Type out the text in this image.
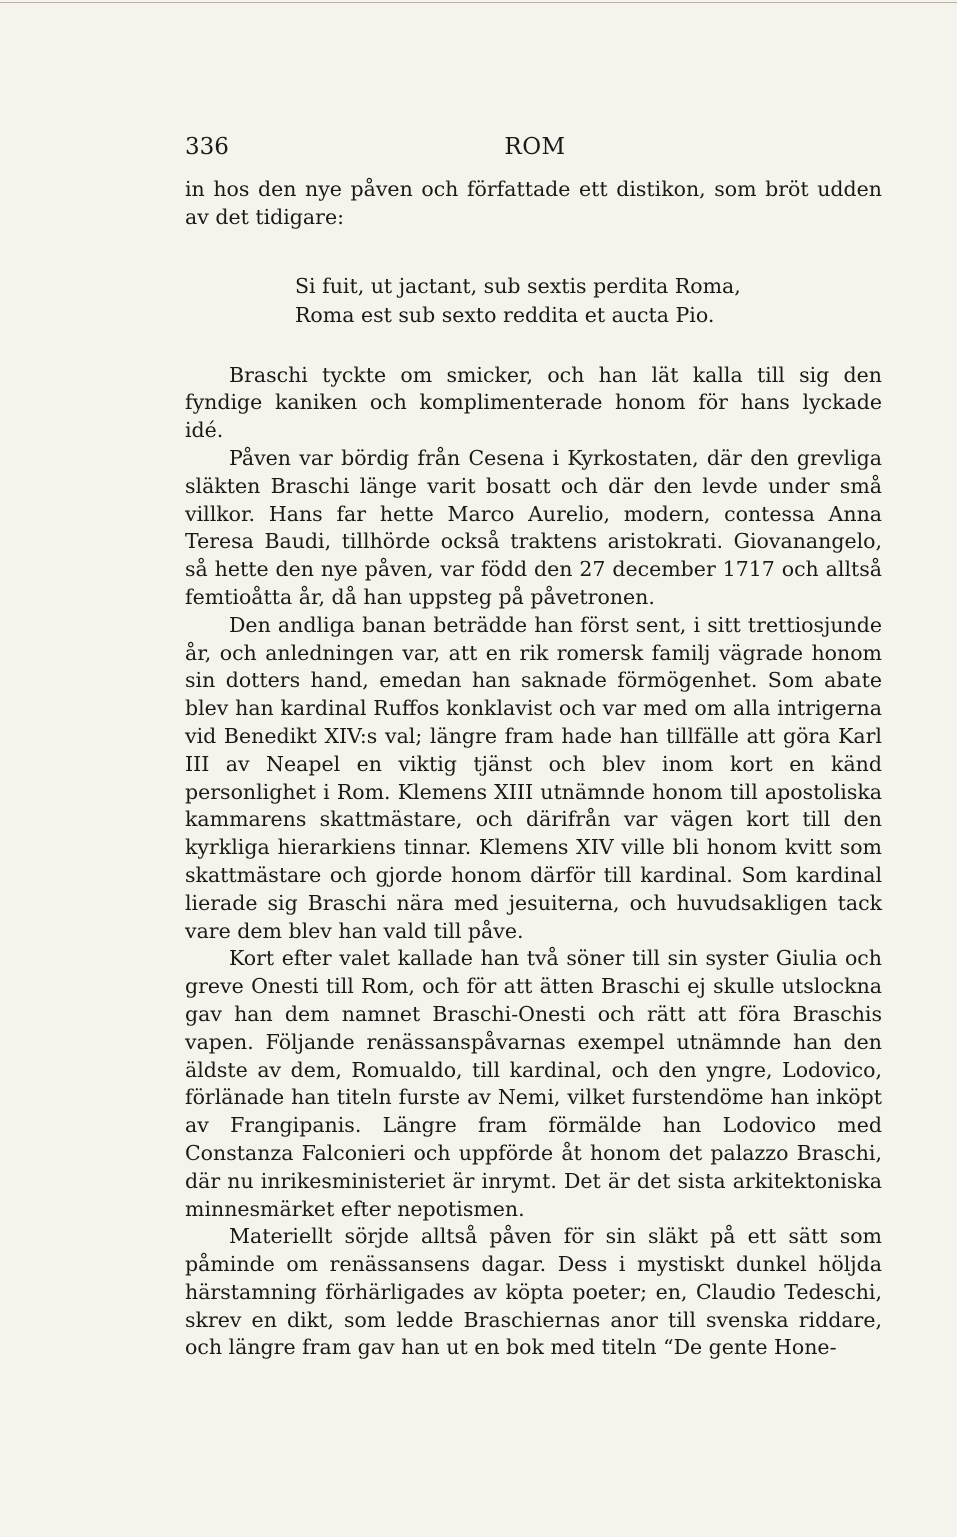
336	ROM

in hos den nye påven och författade ett distikon, som bröt udden av det tidigare:

Si fuit, ut jactant, sub sextis perdita Roma,
Roma est sub sexto reddita et aucta Pio.

Braschi tyckte om smicker, och han lät kalla till sig den fyndige kaniken och komplimenterade honom för hans lyckade idé.

Påven var bördig från Cesena i Kyrkostaten, där den grevliga släkten Braschi länge varit bosatt och där den levde under små villkor. Hans far hette Marco Aurelio, modern, contessa Anna Teresa Baudi, tillhörde också traktens aristokrati. Giovanangelo, så hette den nye påven, var född den 27 december 1717 och alltså femtioåtta år, då han uppsteg på påvetronen.

Den andliga banan beträdde han först sent, i sitt trettiosjunde år, och anledningen var, att en rik romersk familj vägrade honom sin dotters hand, emedan han saknade förmögenhet. Som abate blev han kardinal Ruffos konklavist och var med om alla intrigerna vid Benedikt XIV:s val; längre fram hade han tillfälle att göra Karl III av Neapel en viktig tjänst och blev inom kort en känd personlighet i Rom. Klemens XIII utnämnde honom till apostoliska kammarens skattmästare, och därifrån var vägen kort till den kyrkliga hierarkiens tinnar. Klemens XIV ville bli honom kvitt som skattmästare och gjorde honom därför till kardinal. Som kardinal lierade sig Braschi nära med jesuiterna, och huvudsakligen tack vare dem blev han vald till påve.

Kort efter valet kallade han två söner till sin syster Giulia och greve Onesti till Rom, och för att ätten Braschi ej skulle utslockna gav han dem namnet Braschi-Onesti och rätt att föra Braschis vapen. Följande renässanspåvarnas exempel utnämnde han den äldste av dem, Romualdo, till kardinal, och den yngre, Lodovico, förlänade han titeln furste av Nemi, vilket furstendöme han inköpt av Frangipanis. Längre fram förmälde han Lodovico med Constanza Falconieri och uppförde åt honom det palazzo Braschi, där nu inrikesministeriet är inrymt. Det är det sista arkitektoniska minnesmärket efter nepotismen.

Materiellt sörjde alltså påven för sin släkt på ett sätt som påminde om renässansens dagar. Dess i mystiskt dunkel höljda härstamning förhärligades av köpta poeter; en, Claudio Tedeschi, skrev en dikt, som ledde Braschiernas anor till svenska riddare, och längre fram gav han ut en bok med titeln “De gente Hone-
